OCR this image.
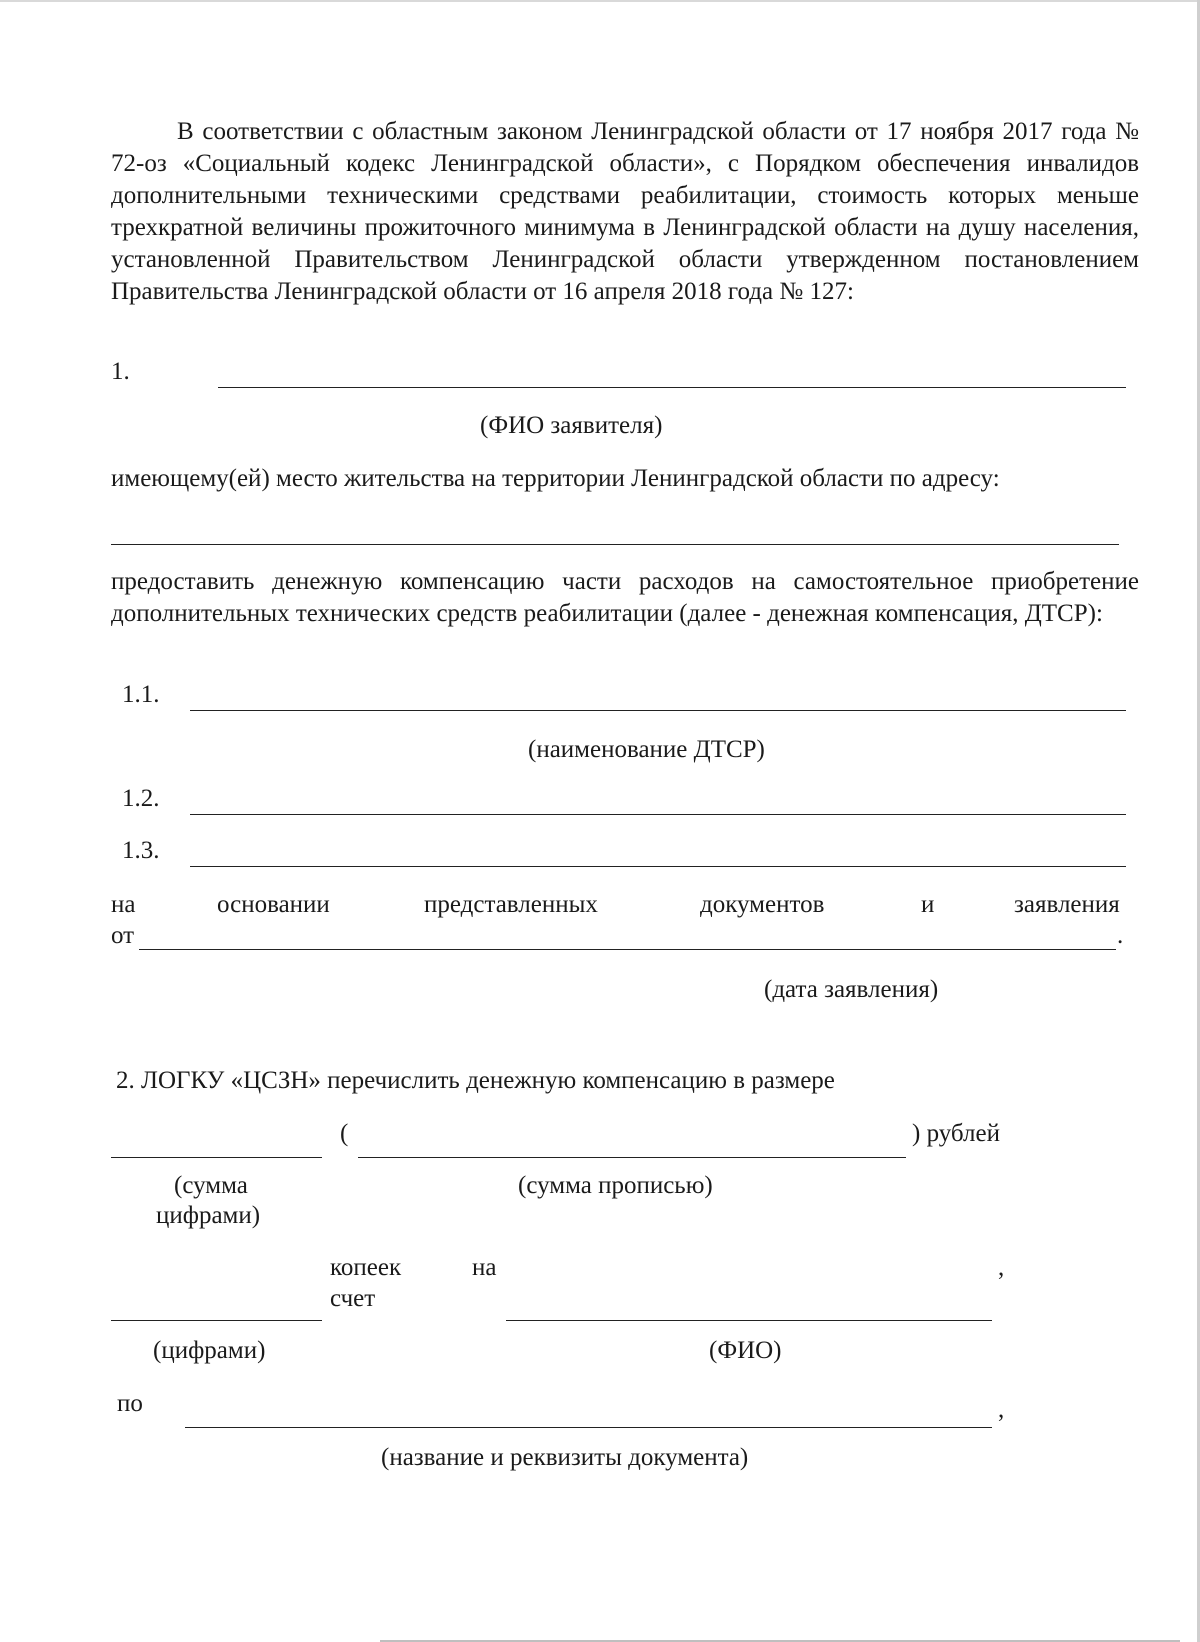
В соответствии с областным законом Ленинградской области от 17 ноября 2017 года № 72-оз «Социальный кодекс Ленинградской области», с Порядком обеспечения инвалидов дополнительными техническими средствами реабилитации, стоимость которых меньше трехкратной величины прожиточного минимума в Ленинградской области на душу населения, установленной Правительством Ленинградской области утвержденном постановлением Правительства Ленинградской области от 16 апреля 2018 года № 127:
1.
(ФИО заявителя)
имеющему(ей) место жительства на территории Ленинградской области по адресу:
предоставить денежную компенсацию части расходов на самостоятельное приобретение дополнительных технических средств реабилитации (далее - денежная компенсация, ДТСР):
1.1.
(наименование ДТСР)
1.2.
1.3.
на	основании	представленных	документов	и	заявления
от	.
(дата заявления)
2. ЛОГКУ «ЦСЗН» перечислить денежную компенсацию в размере
(	) рублей
(сумма
цифрами)
(сумма прописью)
копеек	на
счет
,
(цифрами)	(ФИО)
по	,
(название и реквизиты документа)
